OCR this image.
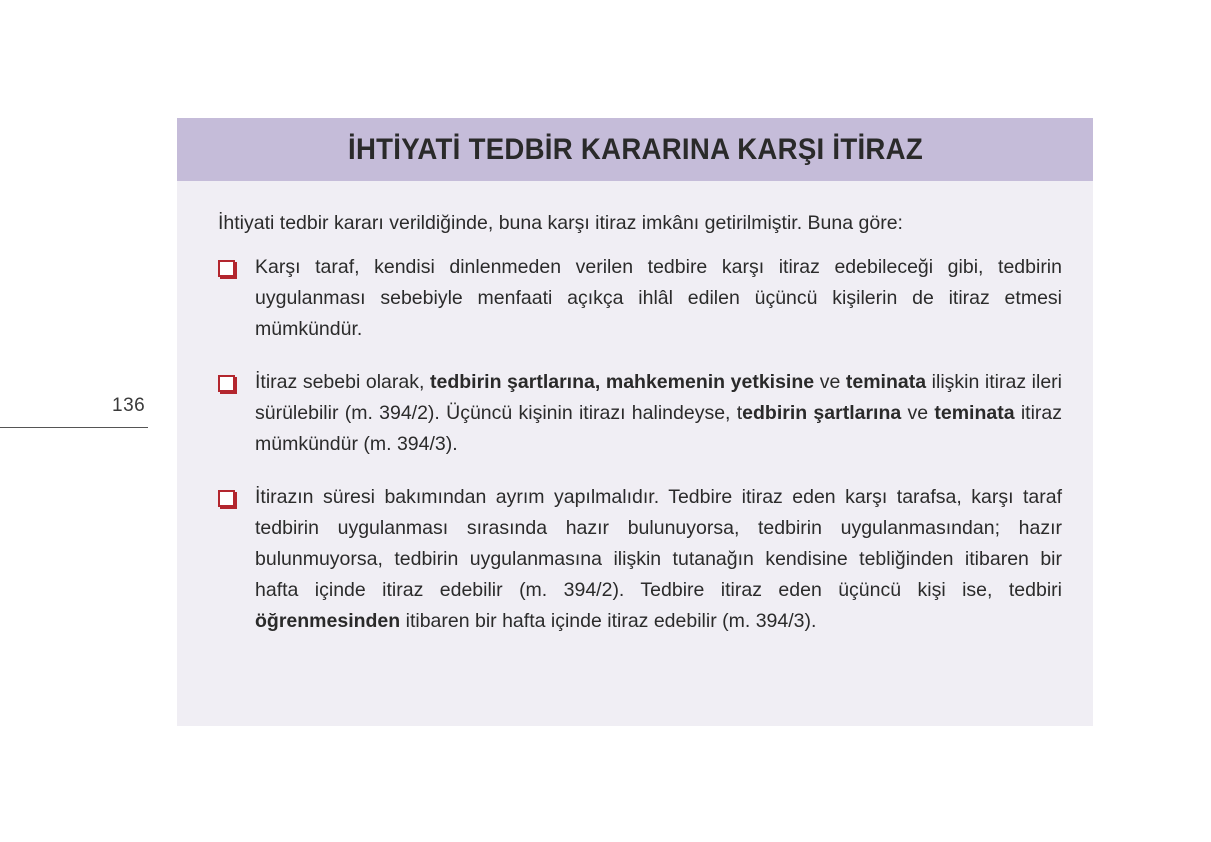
136
İHTİYATİ TEDBİR KARARINA KARŞI İTİRAZ

İhtiyati tedbir kararı verildiğinde, buna karşı itiraz imkânı getirilmiştir. Buna göre:

Karşı taraf, kendisi dinlenmeden verilen tedbire karşı itiraz edebileceği gibi, tedbirin uygulanması sebebiyle menfaati açıkça ihlâl edilen üçüncü kişilerin de itiraz etmesi mümkündür.
İtiraz sebebi olarak, tedbirin şartlarına, mahkemenin yetkisine ve teminata ilişkin itiraz ileri sürülebilir (m. 394/2). Üçüncü kişinin itirazı halindeyse, tedbirin şartlarına ve teminata itiraz mümkündür (m. 394/3).
İtirazın süresi bakımından ayrım yapılmalıdır. Tedbire itiraz eden karşı tarafsa, karşı taraf tedbirin uygulanması sırasında hazır bulunuyorsa, tedbirin uygulanmasından; hazır bulunmuyorsa, tedbirin uygulanmasına ilişkin tutanağın kendisine tebliğinden itibaren bir hafta içinde itiraz edebilir (m. 394/2). Tedbire itiraz eden üçüncü kişi ise, tedbiri öğrenmesinden itibaren bir hafta içinde itiraz edebilir (m. 394/3).
